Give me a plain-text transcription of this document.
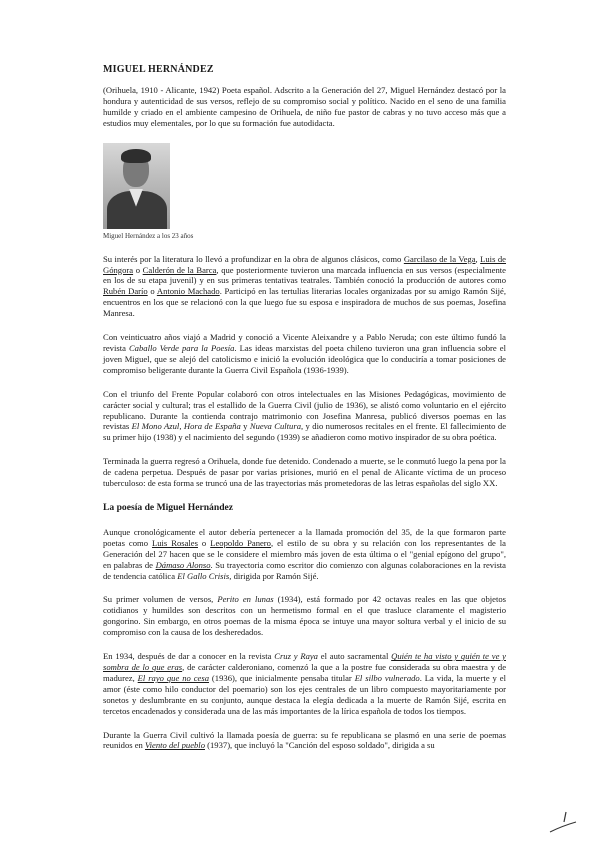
MIGUEL HERNÁNDEZ

(Orihuela, 1910 - Alicante, 1942) Poeta español. Adscrito a la Generación del 27, Miguel Hernández destacó por la hondura y autenticidad de sus versos, reflejo de su compromiso social y político. Nacido en el seno de una familia humilde y criado en el ambiente campesino de Orihuela, de niño fue pastor de cabras y no tuvo acceso más que a estudios muy elementales, por lo que su formación fue autodidacta.

Miguel Hernández a los 23 años

Su interés por la literatura lo llevó a profundizar en la obra de algunos clásicos, como Garcilaso de la Vega, Luis de Góngora o Calderón de la Barca, que posteriormente tuvieron una marcada influencia en sus versos (especialmente en los de su etapa juvenil) y en sus primeras tentativas teatrales. También conoció la producción de autores como Rubén Darío o Antonio Machado. Participó en las tertulias literarias locales organizadas por su amigo Ramón Sijé, encuentros en los que se relacionó con la que luego fue su esposa e inspiradora de muchos de sus poemas, Josefina Manresa.

Con veinticuatro años viajó a Madrid y conoció a Vicente Aleixandre y a Pablo Neruda; con este último fundó la revista Caballo Verde para la Poesía. Las ideas marxistas del poeta chileno tuvieron una gran influencia sobre el joven Miguel, que se alejó del catolicismo e inició la evolución ideológica que lo conduciría a tomar posiciones de compromiso beligerante durante la Guerra Civil Española (1936-1939).

Con el triunfo del Frente Popular colaboró con otros intelectuales en las Misiones Pedagógicas, movimiento de carácter social y cultural; tras el estallido de la Guerra Civil (julio de 1936), se alistó como voluntario en el ejército republicano. Durante la contienda contrajo matrimonio con Josefina Manresa, publicó diversos poemas en las revistas El Mono Azul, Hora de España y Nueva Cultura, y dio numerosos recitales en el frente. El fallecimiento de su primer hijo (1938) y el nacimiento del segundo (1939) se añadieron como motivo inspirador de su obra poética.

Terminada la guerra regresó a Orihuela, donde fue detenido. Condenado a muerte, se le conmutó luego la pena por la de cadena perpetua. Después de pasar por varias prisiones, murió en el penal de Alicante víctima de un proceso tuberculoso: de esta forma se truncó una de las trayectorias más prometedoras de las letras españolas del siglo XX.

La poesía de Miguel Hernández

Aunque cronológicamente el autor debería pertenecer a la llamada promoción del 35, de la que formaron parte poetas como Luis Rosales o Leopoldo Panero, el estilo de su obra y su relación con los representantes de la Generación del 27 hacen que se le considere el miembro más joven de esta última o el "genial epígono del grupo", en palabras de Dámaso Alonso. Su trayectoria como escritor dio comienzo con algunas colaboraciones en la revista de tendencia católica El Gallo Crisis, dirigida por Ramón Sijé.

Su primer volumen de versos, Perito en lunas (1934), está formado por 42 octavas reales en las que objetos cotidianos y humildes son descritos con un hermetismo formal en el que trasluce claramente el magisterio gongorino. Sin embargo, en otros poemas de la misma época se intuye una mayor soltura verbal y el inicio de su compromiso con la causa de los desheredados.

En 1934, después de dar a conocer en la revista Cruz y Raya el auto sacramental Quién te ha visto y quién te ve y sombra de lo que eras, de carácter calderoniano, comenzó la que a la postre fue considerada su obra maestra y de madurez, El rayo que no cesa (1936), que inicialmente pensaba titular El silbo vulnerado. La vida, la muerte y el amor (éste como hilo conductor del poemario) son los ejes centrales de un libro compuesto mayoritariamente por sonetos y deslumbrante en su conjunto, aunque destaca la elegía dedicada a la muerte de Ramón Sijé, escrita en tercetos encadenados y considerada una de las más importantes de la lírica española de todos los tiempos.

Durante la Guerra Civil cultivó la llamada poesía de guerra: su fe republicana se plasmó en una serie de poemas reunidos en Viento del pueblo (1937), que incluyó la "Canción del esposo soldado", dirigida a su
